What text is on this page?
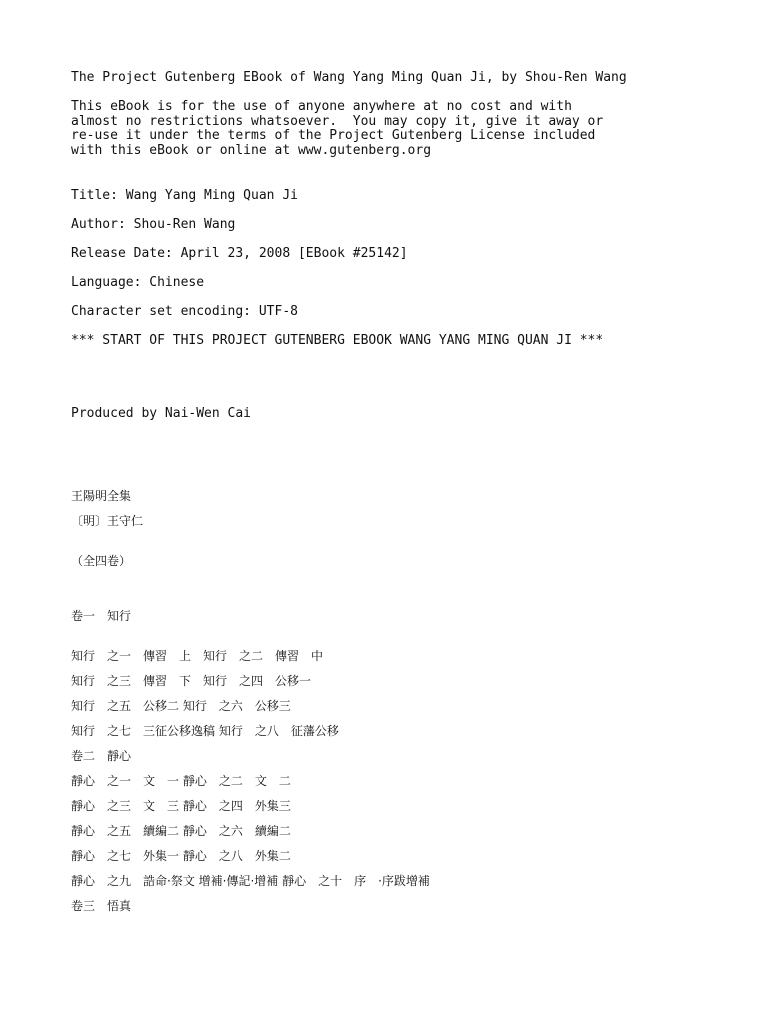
The Project Gutenberg EBook of Wang Yang Ming Quan Ji, by Shou-Ren Wang

This eBook is for the use of anyone anywhere at no cost and with

almost no restrictions whatsoever.  You may copy it, give it away or

re-use it under the terms of the Project Gutenberg License included

with this eBook or online at www.gutenberg.org

Title: Wang Yang Ming Quan Ji

Author: Shou-Ren Wang

Release Date: April 23, 2008 [EBook #25142]

Language: Chinese

Character set encoding: UTF-8

*** START OF THIS PROJECT GUTENBERG EBOOK WANG YANG MING QUAN JI ***

Produced by Nai-Wen Cai

王陽明全集

〔明〕王守仁

（全四卷）

卷一　知行

知行　之一　傳習　上　知行　之二　傳習　中

知行　之三　傳習　下　知行　之四　公移一

知行　之五　公移二 知行　之六　公移三

知行　之七　三征公移逸稿 知行　之八　征藩公移

卷二　靜心

靜心　之一　文　一 靜心　之二　文　二

靜心　之三　文　三 靜心　之四　外集三

靜心　之五　續編二 靜心　之六　續編二

靜心　之七　外集一 靜心　之八　外集二

靜心　之九　誥命·祭文 增補·傳記·增補 靜心　之十　序　·序跋增補

卷三　悟真
